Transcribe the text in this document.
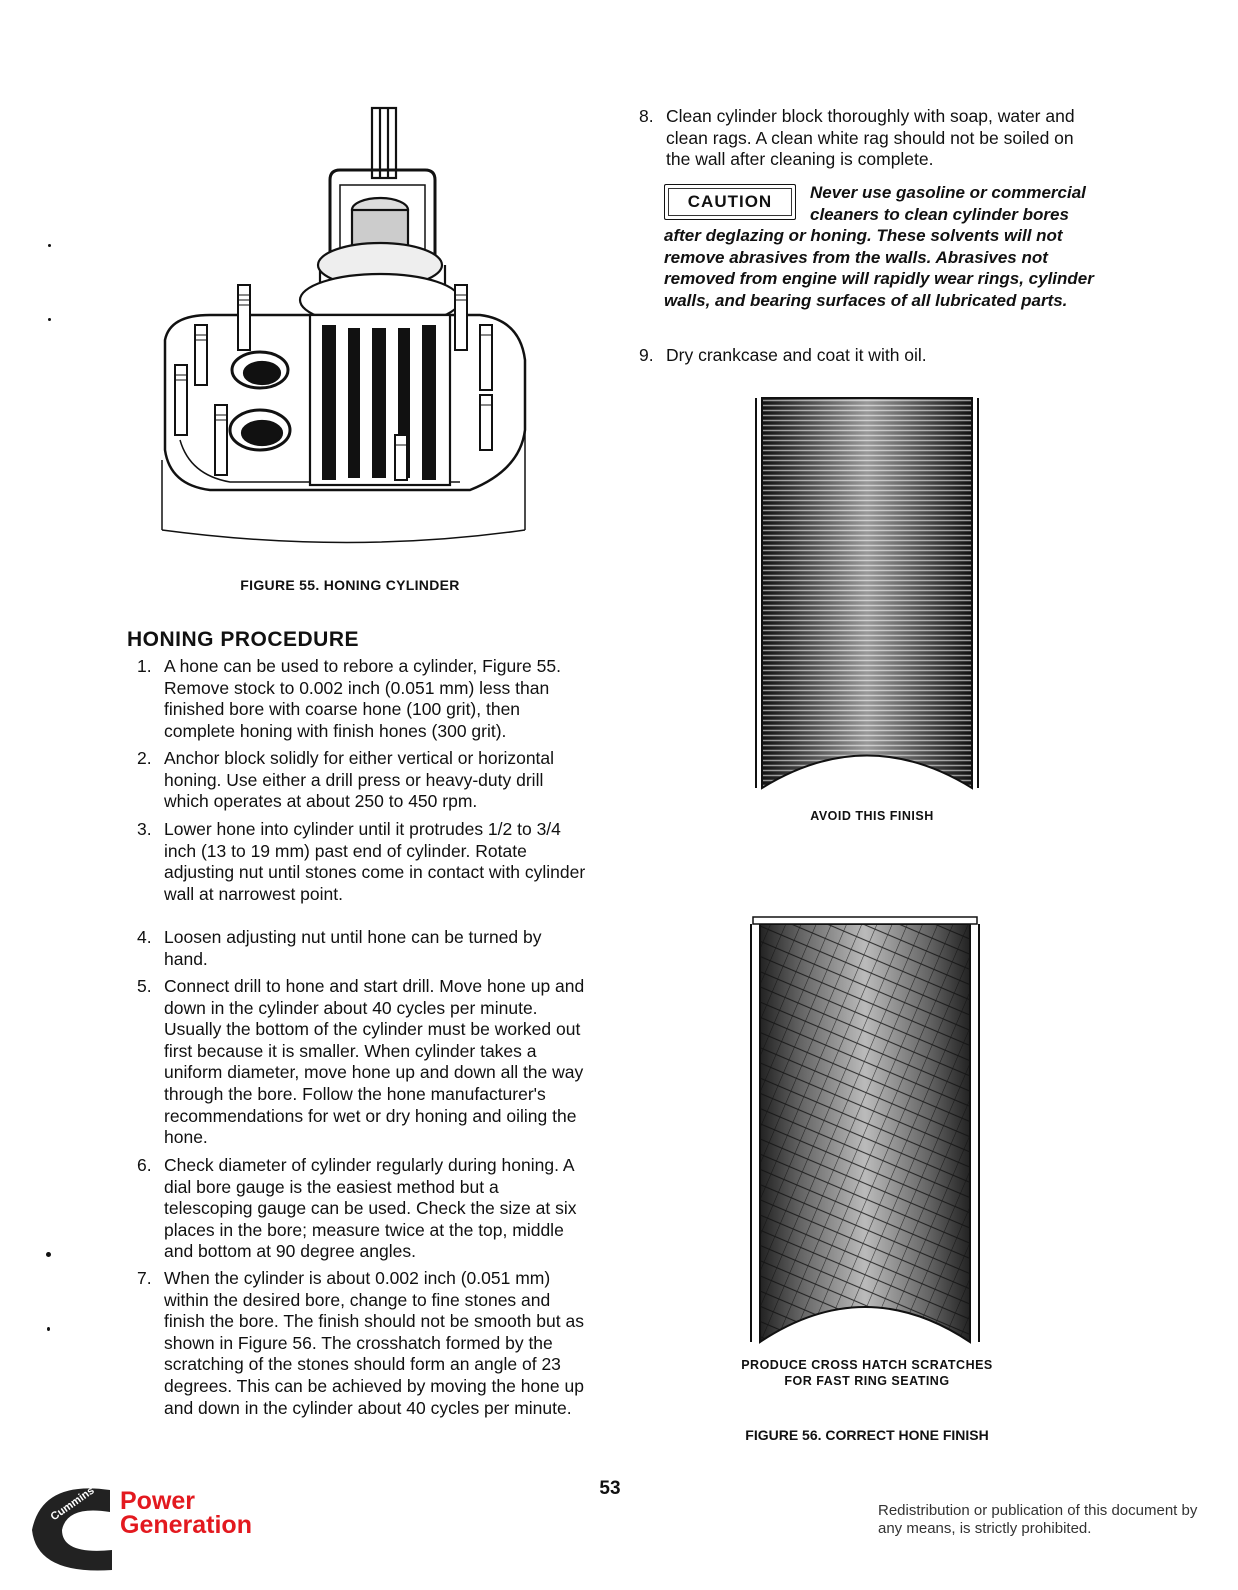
FIGURE 55. HONING CYLINDER
HONING PROCEDURE
1. A hone can be used to rebore a cylinder, Figure 55. Remove stock to 0.002 inch (0.051 mm) less than finished bore with coarse hone (100 grit), then complete honing with finish hones (300 grit).
2. Anchor block solidly for either vertical or horizontal honing. Use either a drill press or heavy-duty drill which operates at about 250 to 450 rpm.
3. Lower hone into cylinder until it protrudes 1/2 to 3/4 inch (13 to 19 mm) past end of cylinder. Rotate adjusting nut until stones come in contact with cylinder wall at narrowest point.
4. Loosen adjusting nut until hone can be turned by hand.
5. Connect drill to hone and start drill. Move hone up and down in the cylinder about 40 cycles per minute. Usually the bottom of the cylinder must be worked out first because it is smaller. When cylinder takes a uniform diameter, move hone up and down all the way through the bore. Follow the hone manufacturer's recommendations for wet or dry honing and oiling the hone.
6. Check diameter of cylinder regularly during honing. A dial bore gauge is the easiest method but a telescoping gauge can be used. Check the size at six places in the bore; measure twice at the top, middle and bottom at 90 degree angles.
7. When the cylinder is about 0.002 inch (0.051 mm) within the desired bore, change to fine stones and finish the bore. The finish should not be smooth but as shown in Figure 56. The crosshatch formed by the scratching of the stones should form an angle of 23 degrees. This can be achieved by moving the hone up and down in the cylinder about 40 cycles per minute.
8. Clean cylinder block thoroughly with soap, water and clean rags. A clean white rag should not be soiled on the wall after cleaning is complete.
9. Dry crankcase and coat it with oil.
CAUTION	Never use gasoline or commercial cleaners to clean cylinder bores after deglazing or honing. These solvents will not remove abrasives from the walls. Abrasives not removed from engine will rapidly wear rings, cylinder walls, and bearing surfaces of all lubricated parts.
AVOID THIS FINISH
PRODUCE CROSS HATCH SCRATCHES
FOR FAST RING SEATING
FIGURE 56. CORRECT HONE FINISH
53
Cummins Power
Generation
Redistribution or publication of this document by any means, is strictly prohibited.
